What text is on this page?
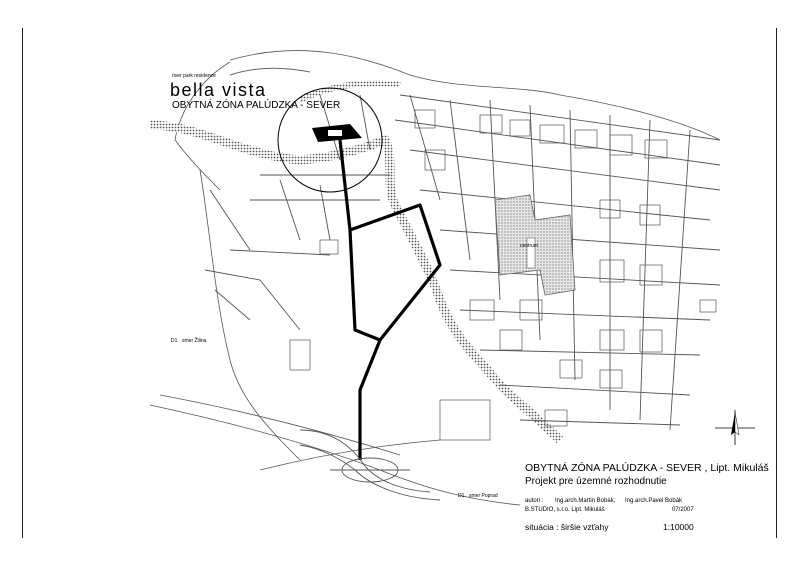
centrum
river park residence
bella vista
OBYTNÁ ZÓNA PALÚDZKA - SEVER
D1 smer Žilina
D1 smer Poprad
OBYTNÁ ZÓNA PALÚDZKA - SEVER , Lipt. Mikuláš
Projekt pre územné rozhodnutie
autori : Ing.arch.Martin Bobák, Ing.arch.Pavel Bobák
B.STUDIO, s.r.o. Lipt. Mikuláš	07/2007
situácia : širšie vzťahy	1:10000
